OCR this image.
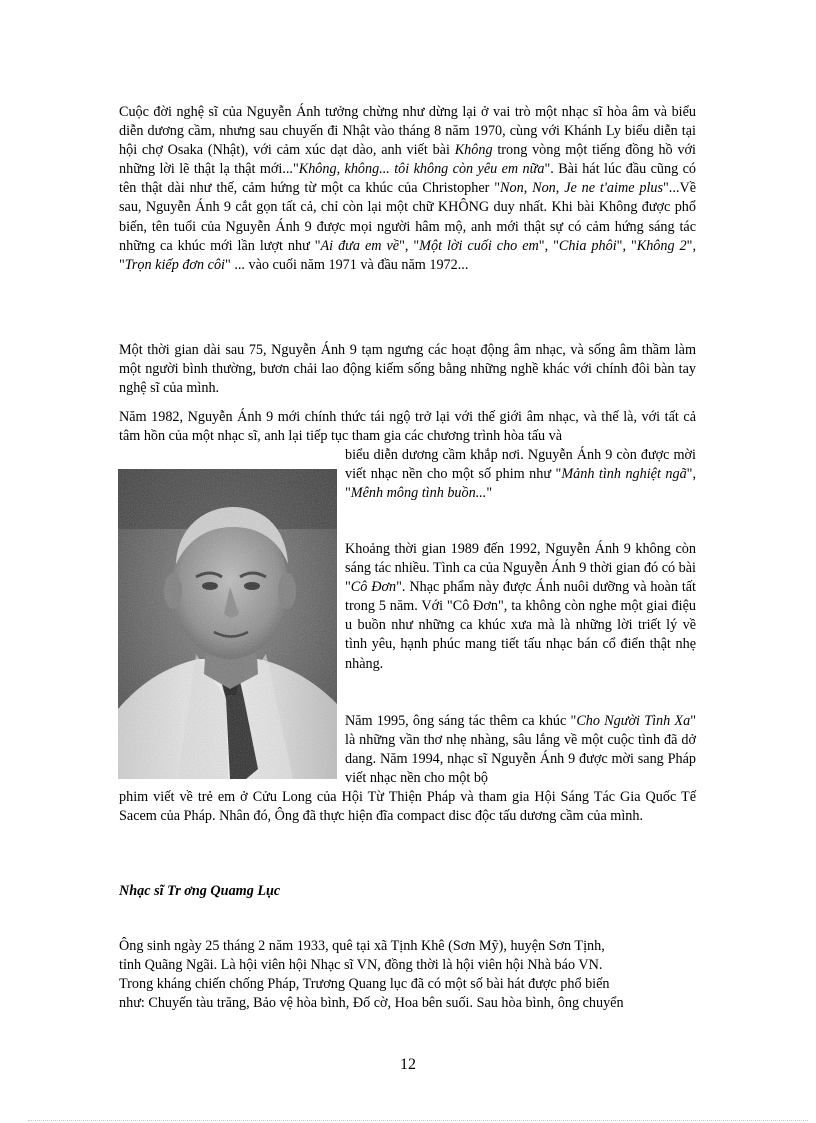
Cuộc đời nghệ sĩ của Nguyễn Ánh tưởng chừng như dừng lại ở vai trò một nhạc sĩ hòa âm và biểu diễn dương cầm, nhưng sau chuyến đi Nhật vào tháng 8 năm 1970, cùng với Khánh Ly biểu diễn tại hội chợ Osaka (Nhật), với cảm xúc dạt dào, anh viết bài Không trong vòng một tiếng đồng hồ với những lời lẽ thật lạ thật mới..."Không, không... tôi không còn yêu em nữa". Bài hát lúc đầu cũng có tên thật dài như thế, cảm hứng từ một ca khúc của Christopher "Non, Non, Je ne t'aime plus"...Về sau, Nguyễn Ánh 9 cắt gọn tất cả, chỉ còn lại một chữ KHÔNG duy nhất. Khi bài Không được phổ biến, tên tuổi của Nguyễn Ánh 9 được mọi người hâm mộ, anh mới thật sự có cảm hứng sáng tác những ca khúc mới lần lượt như "Ai đưa em về", "Một lời cuối cho em", "Chia phôi", "Không 2", "Trọn kiếp đơn côi" ... vào cuối năm 1971 và đầu năm 1972...
Một thời gian dài sau 75, Nguyễn Ánh 9 tạm ngưng các hoạt động âm nhạc, và sống âm thầm làm một người bình thường, bươn chải lao động kiếm sống bằng những nghề khác với chính đôi bàn tay nghệ sĩ của mình.
Năm 1982, Nguyễn Ánh 9 mới chính thức tái ngộ trở lại với thế giới âm nhạc, và thế là, với tất cả tâm hồn của một nhạc sĩ, anh lại tiếp tục tham gia các chương trình hòa tấu và
biểu diễn dương cầm khắp nơi. Nguyễn Ánh 9 còn được mời viết nhạc nền cho một số phim như "Mảnh tình nghiệt ngã", "Mênh mông tình buồn..."
Khoảng thời gian 1989 đến 1992, Nguyễn Ánh 9 không còn sáng tác nhiều. Tình ca của Nguyễn Ánh 9 thời gian đó có bài "Cô Đơn". Nhạc phẩm này được Ánh nuôi dưỡng và hoàn tất trong 5 năm. Với "Cô Đơn", ta không còn nghe một giai điệu u buồn như những ca khúc xưa mà là những lời triết lý về tình yêu, hạnh phúc mang tiết tấu nhạc bán cổ điển thật nhẹ nhàng.
Năm 1995, ông sáng tác thêm ca khúc "Cho Người Tình Xa" là những vần thơ nhẹ nhàng, sâu lắng về một cuộc tình đã dở dang. Năm 1994, nhạc sĩ Nguyễn Ánh 9 được mời sang Pháp viết nhạc nền cho một bộ
phim viết về trẻ em ở Cửu Long của Hội Từ Thiện Pháp và tham gia Hội Sáng Tác Gia Quốc Tế Sacem của Pháp. Nhân đó, Ông đã thực hiện đĩa compact disc độc tấu dương cầm của mình.
Nhạc sĩ Tr ơng Quamg Lục
Ông sinh ngày 25 tháng 2 năm 1933, quê tại xã Tịnh Khê (Sơn Mỹ), huyện Sơn Tịnh,
tỉnh Quãng Ngãi. Là hội viên hội Nhạc sĩ VN, đồng thời là hội viên hội Nhà báo VN.
Trong kháng chiến chống Pháp, Trương Quang lục đã có một số bài hát được phổ biến
như: Chuyến tàu trăng, Bảo vệ hòa bình, Đố cờ, Hoa bên suối. Sau hòa bình, ông chuyển
12
